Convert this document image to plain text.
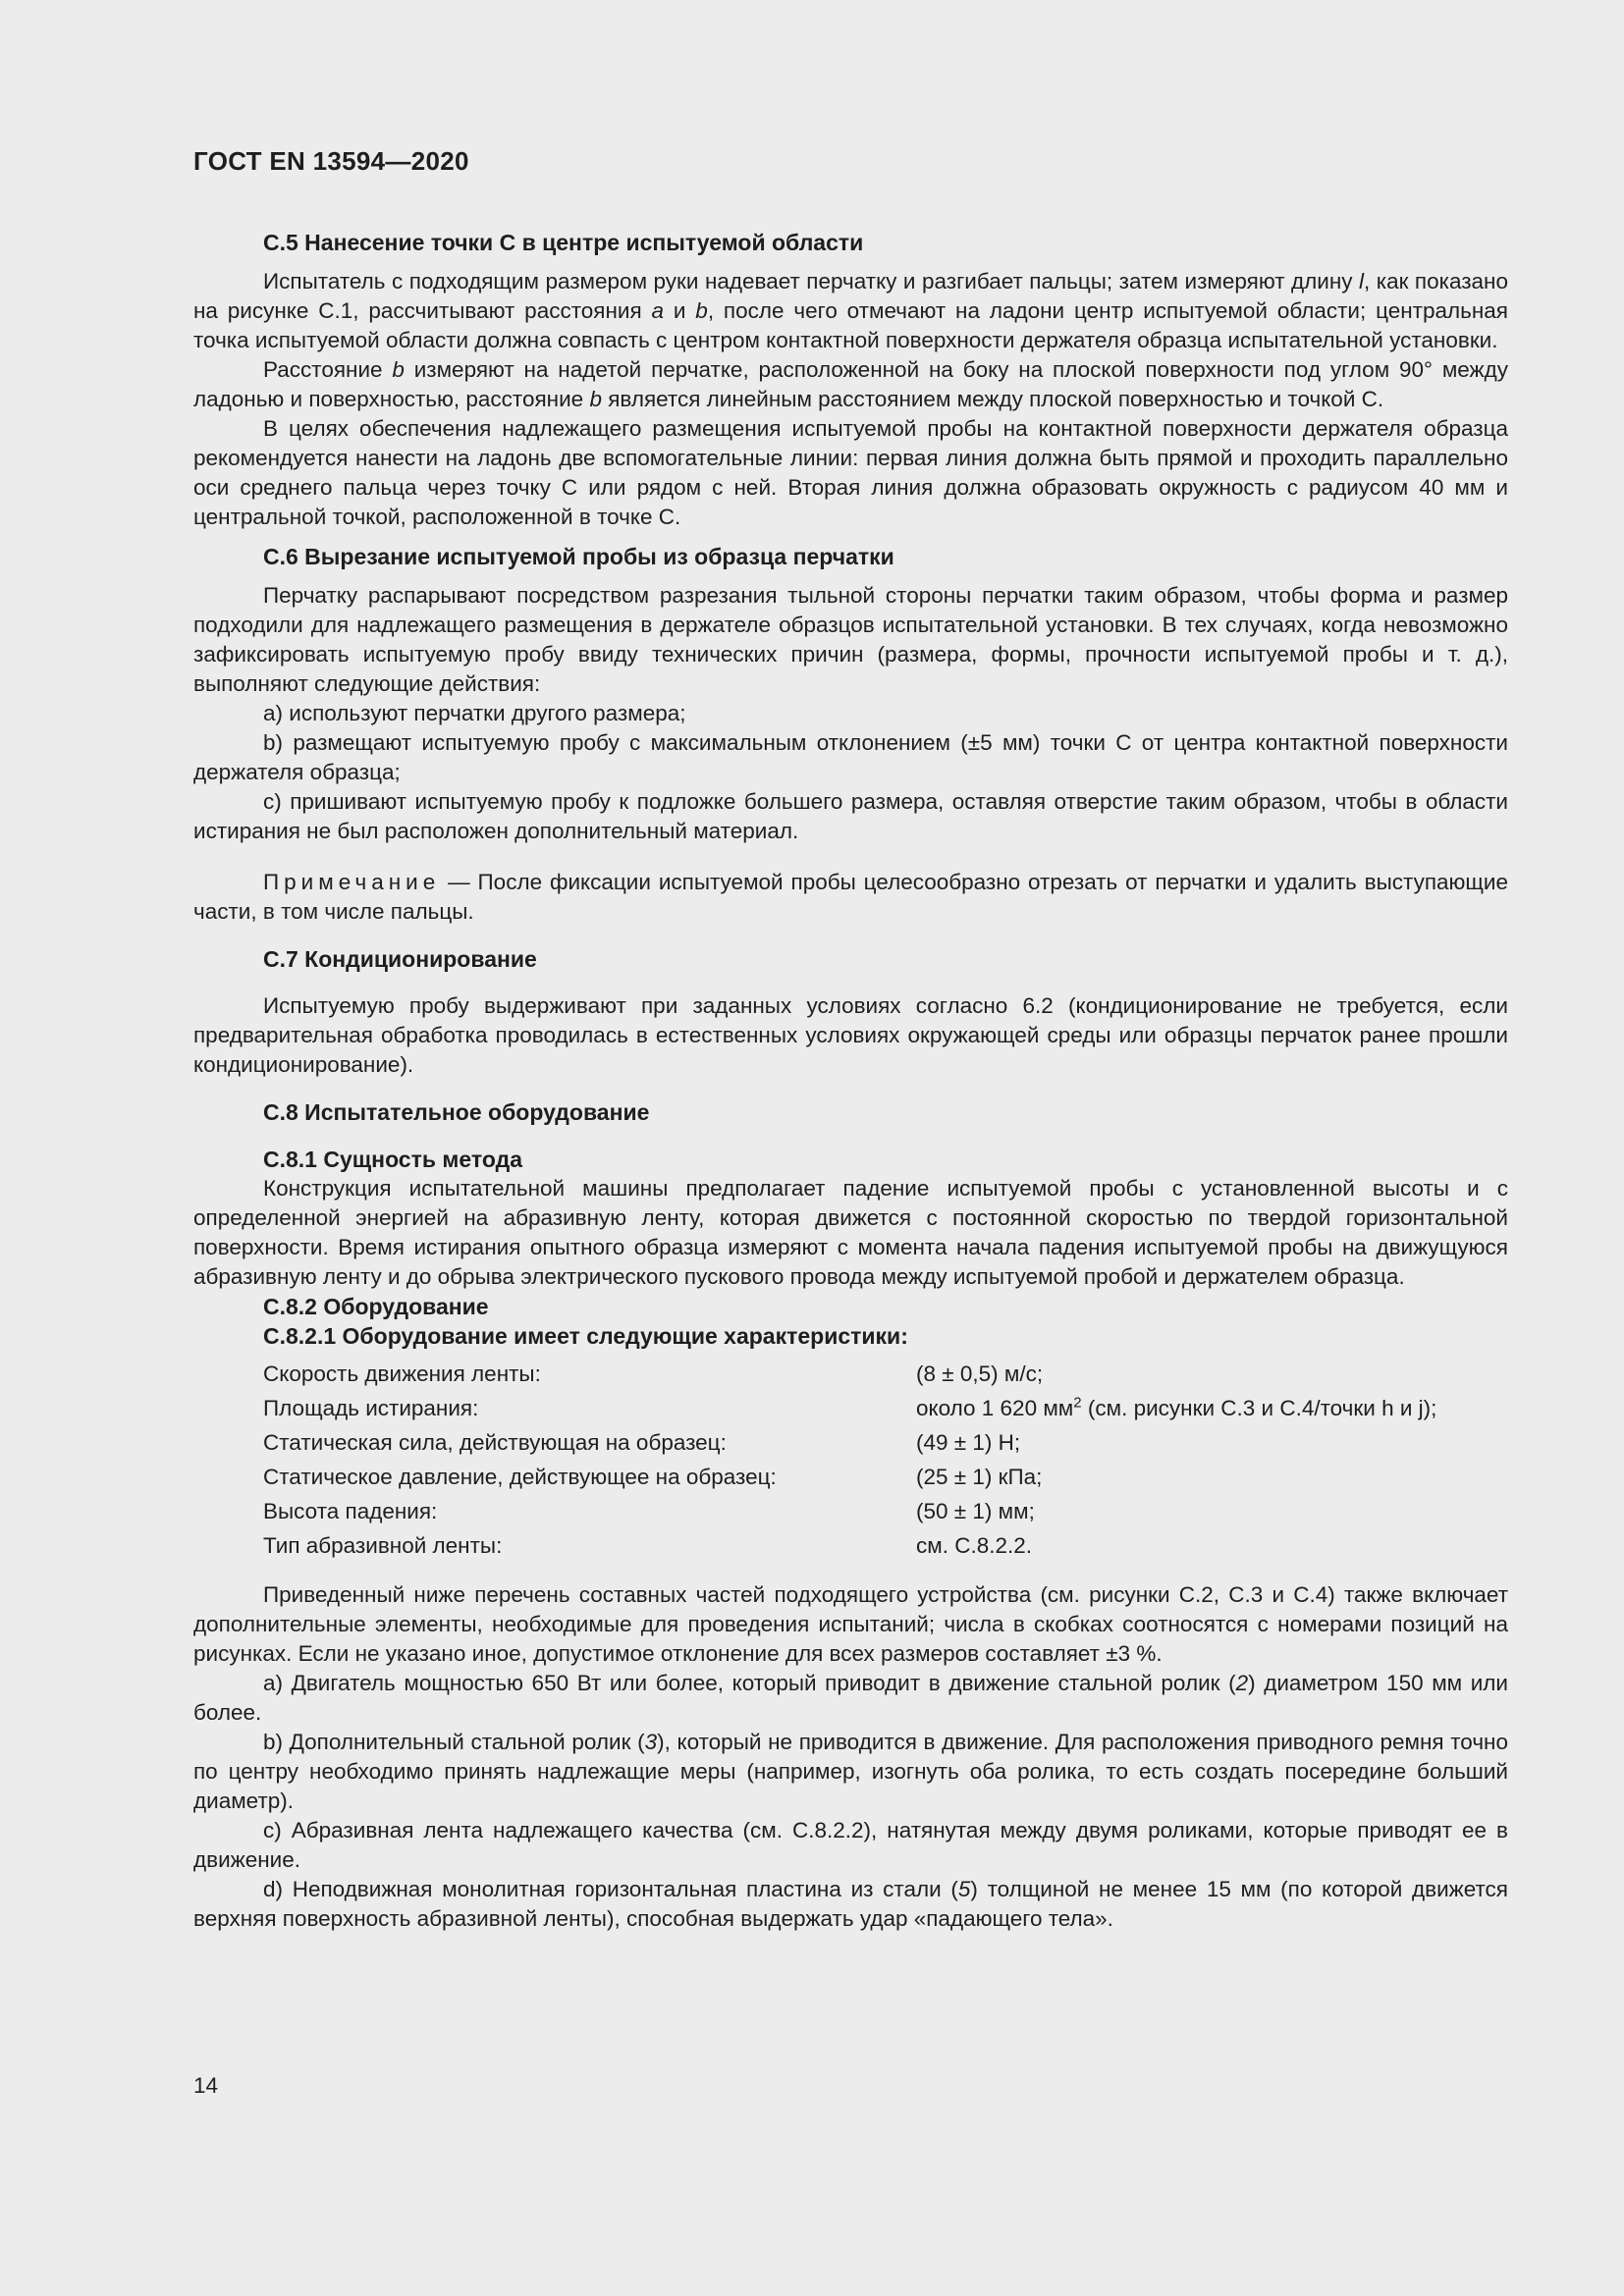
ГОСТ EN 13594—2020
С.5 Нанесение точки С в центре испытуемой области

Испытатель с подходящим размером руки надевает перчатку и разгибает пальцы; затем измеряют длину l, как показано на рисунке С.1, рассчитывают расстояния a и b, после чего отмечают на ладони центр испытуемой области; центральная точка испытуемой области должна совпасть с центром контактной поверхности держателя образца испытательной установки.

Расстояние b измеряют на надетой перчатке, расположенной на боку на плоской поверхности под углом 90° между ладонью и поверхностью, расстояние b является линейным расстоянием между плоской поверхностью и точкой С.

В целях обеспечения надлежащего размещения испытуемой пробы на контактной поверхности держателя образца рекомендуется нанести на ладонь две вспомогательные линии: первая линия должна быть прямой и проходить параллельно оси среднего пальца через точку С или рядом с ней. Вторая линия должна образовать окружность с радиусом 40 мм и центральной точкой, расположенной в точке С.

С.6 Вырезание испытуемой пробы из образца перчатки

Перчатку распарывают посредством разрезания тыльной стороны перчатки таким образом, чтобы форма и размер подходили для надлежащего размещения в держателе образцов испытательной установки. В тех случаях, когда невозможно зафиксировать испытуемую пробу ввиду технических причин (размера, формы, прочности испытуемой пробы и т. д.), выполняют следующие действия:

a) используют перчатки другого размера;

b) размещают испытуемую пробу с максимальным отклонением (±5 мм) точки С от центра контактной поверхности держателя образца;

c) пришивают испытуемую пробу к подложке большего размера, оставляя отверстие таким образом, чтобы в области истирания не был расположен дополнительный материал.

Примечание — После фиксации испытуемой пробы целесообразно отрезать от перчатки и удалить выступающие части, в том числе пальцы.

С.7 Кондиционирование

Испытуемую пробу выдерживают при заданных условиях согласно 6.2 (кондиционирование не требуется, если предварительная обработка проводилась в естественных условиях окружающей среды или образцы перчаток ранее прошли кондиционирование).

С.8 Испытательное оборудование
С.8.1 Сущность метода

Конструкция испытательной машины предполагает падение испытуемой пробы с установленной высоты и с определенной энергией на абразивную ленту, которая движется с постоянной скоростью по твердой горизонтальной поверхности. Время истирания опытного образца измеряют с момента начала падения испытуемой пробы на движущуюся абразивную ленту и до обрыва электрического пускового провода между испытуемой пробой и держателем образца.

С.8.2 Оборудование
С.8.2.1 Оборудование имеет следующие характеристики:
Скорость движения ленты:	(8 ± 0,5) м/с;
Площадь истирания:	около 1 620 $мм^2$ (см. рисунки С.3 и С.4/точки h и j);
Статическая сила, действующая на образец:	(49 ± 1) Н;
Статическое давление, действующее на образец:	(25 ± 1) кПа;
Высота падения:	(50 ± 1) мм;
Тип абразивной ленты:	см. С.8.2.2.

Приведенный ниже перечень составных частей подходящего устройства (см. рисунки С.2, С.3 и С.4) также включает дополнительные элементы, необходимые для проведения испытаний; числа в скобках соотносятся с номерами позиций на рисунках. Если не указано иное, допустимое отклонение для всех размеров составляет ±3 %.

a) Двигатель мощностью 650 Вт или более, который приводит в движение стальной ролик (2) диаметром 150 мм или более.

b) Дополнительный стальной ролик (3), который не приводится в движение. Для расположения приводного ремня точно по центру необходимо принять надлежащие меры (например, изогнуть оба ролика, то есть создать посередине больший диаметр).

c) Абразивная лента надлежащего качества (см. С.8.2.2), натянутая между двумя роликами, которые приводят ее в движение.

d) Неподвижная монолитная горизонтальная пластина из стали (5) толщиной не менее 15 мм (по которой движется верхняя поверхность абразивной ленты), способная выдержать удар «падающего тела».

14
